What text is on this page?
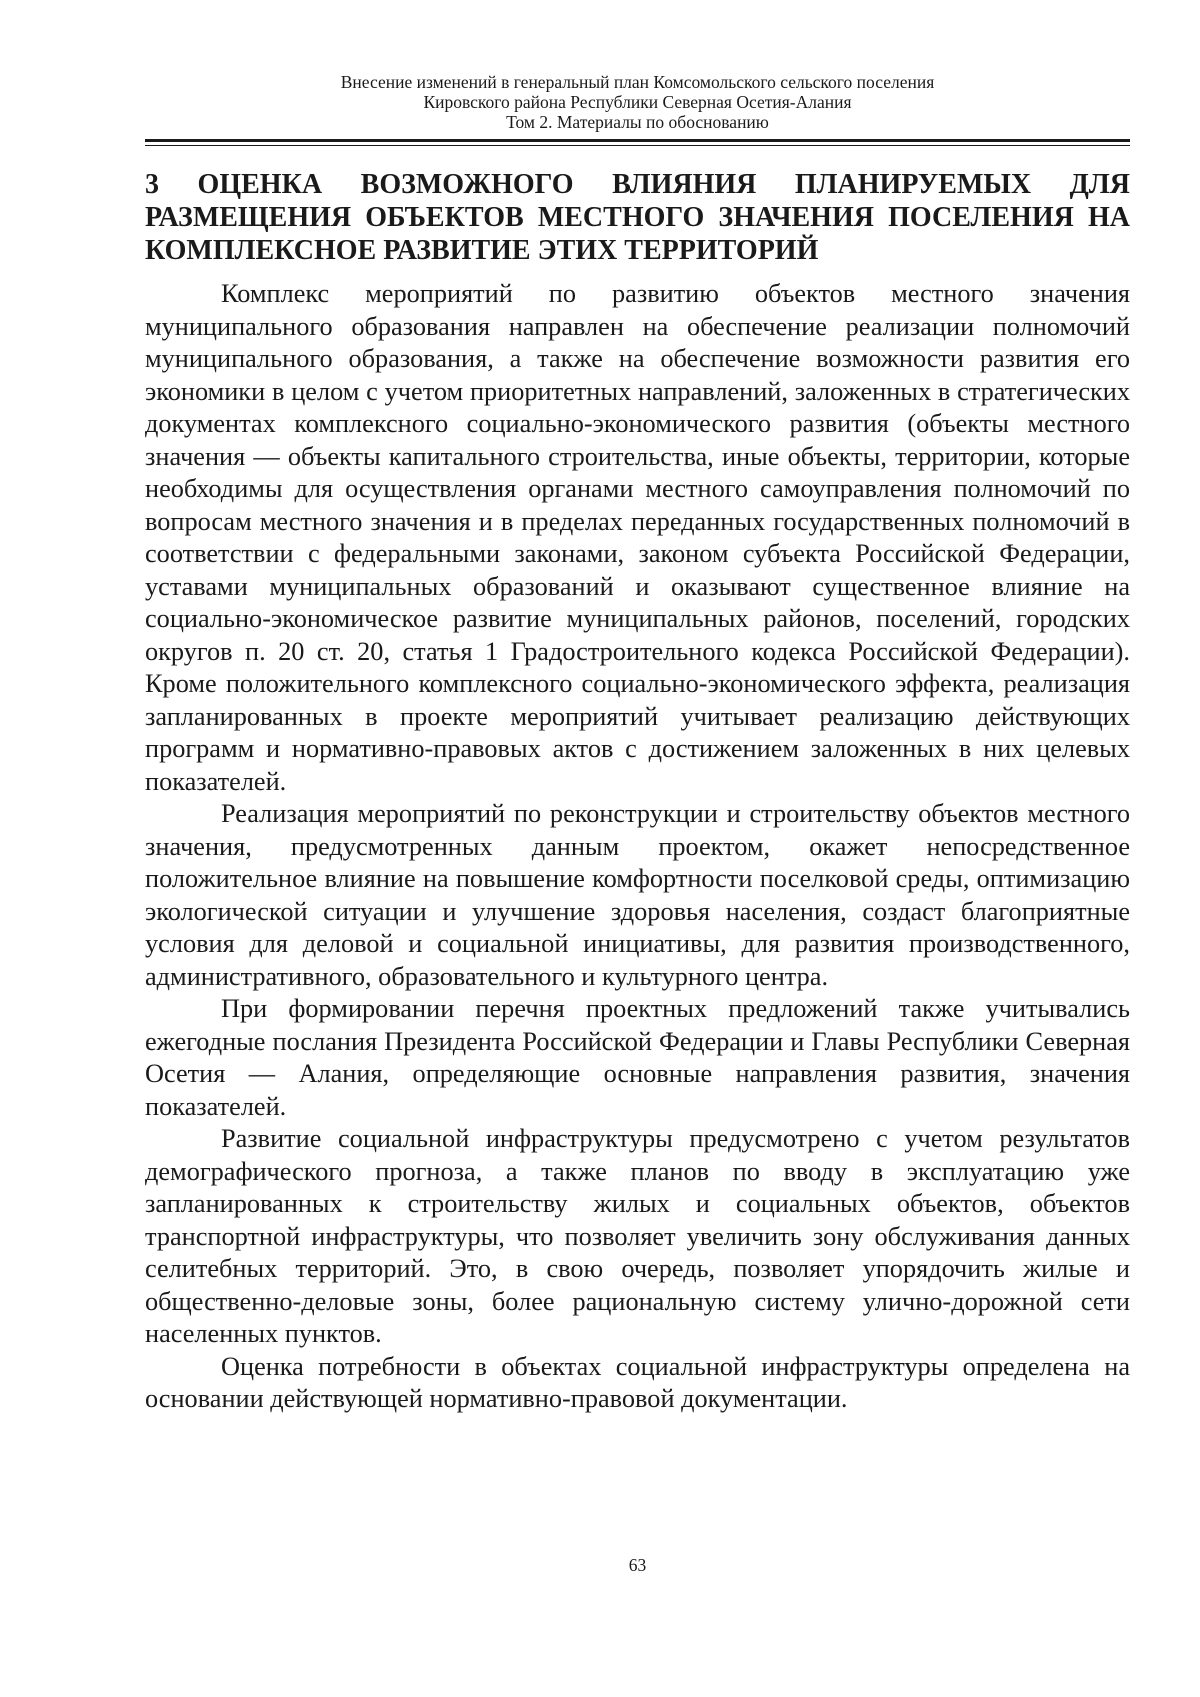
Внесение изменений в генеральный план Комсомольского сельского поселения
Кировского района Республики Северная Осетия-Алания
Том 2. Материалы по обоснованию
3 ОЦЕНКА ВОЗМОЖНОГО ВЛИЯНИЯ ПЛАНИРУЕМЫХ ДЛЯ РАЗМЕЩЕНИЯ ОБЪЕКТОВ МЕСТНОГО ЗНАЧЕНИЯ ПОСЕЛЕНИЯ НА КОМПЛЕКСНОЕ РАЗВИТИЕ ЭТИХ ТЕРРИТОРИЙ

Комплекс мероприятий по развитию объектов местного значения муниципального образования направлен на обеспечение реализации полномочий муниципального образования, а также на обеспечение возможности развития его экономики в целом с учетом приоритетных направлений, заложенных в стратегических документах комплексного социально-экономического развития (объекты местного значения — объекты капитального строительства, иные объекты, территории, которые необходимы для осуществления органами местного самоуправления полномочий по вопросам местного значения и в пределах переданных государственных полномочий в соответствии с федеральными законами, законом субъекта Российской Федерации, уставами муниципальных образований и оказывают существенное влияние на социально-экономическое развитие муниципальных районов, поселений, городских округов п. 20 ст. 20, статья 1 Градостроительного кодекса Российской Федерации). Кроме положительного комплексного социально-экономического эффекта, реализация запланированных в проекте мероприятий учитывает реализацию действующих программ и нормативно-правовых актов с достижением заложенных в них целевых показателей.

Реализация мероприятий по реконструкции и строительству объектов местного значения, предусмотренных данным проектом, окажет непосредственное положительное влияние на повышение комфортности поселковой среды, оптимизацию экологической ситуации и улучшение здоровья населения, создаст благоприятные условия для деловой и социальной инициативы, для развития производственного, административного, образовательного и культурного центра.

При формировании перечня проектных предложений также учитывались ежегодные послания Президента Российской Федерации и Главы Республики Северная Осетия — Алания, определяющие основные направления развития, значения показателей.

Развитие социальной инфраструктуры предусмотрено с учетом результатов демографического прогноза, а также планов по вводу в эксплуатацию уже запланированных к строительству жилых и социальных объектов, объектов транспортной инфраструктуры, что позволяет увеличить зону обслуживания данных селитебных территорий. Это, в свою очередь, позволяет упорядочить жилые и общественно-деловые зоны, более рациональную систему улично-дорожной сети населенных пунктов.

Оценка потребности в объектах социальной инфраструктуры определена на основании действующей нормативно-правовой документации.

63
